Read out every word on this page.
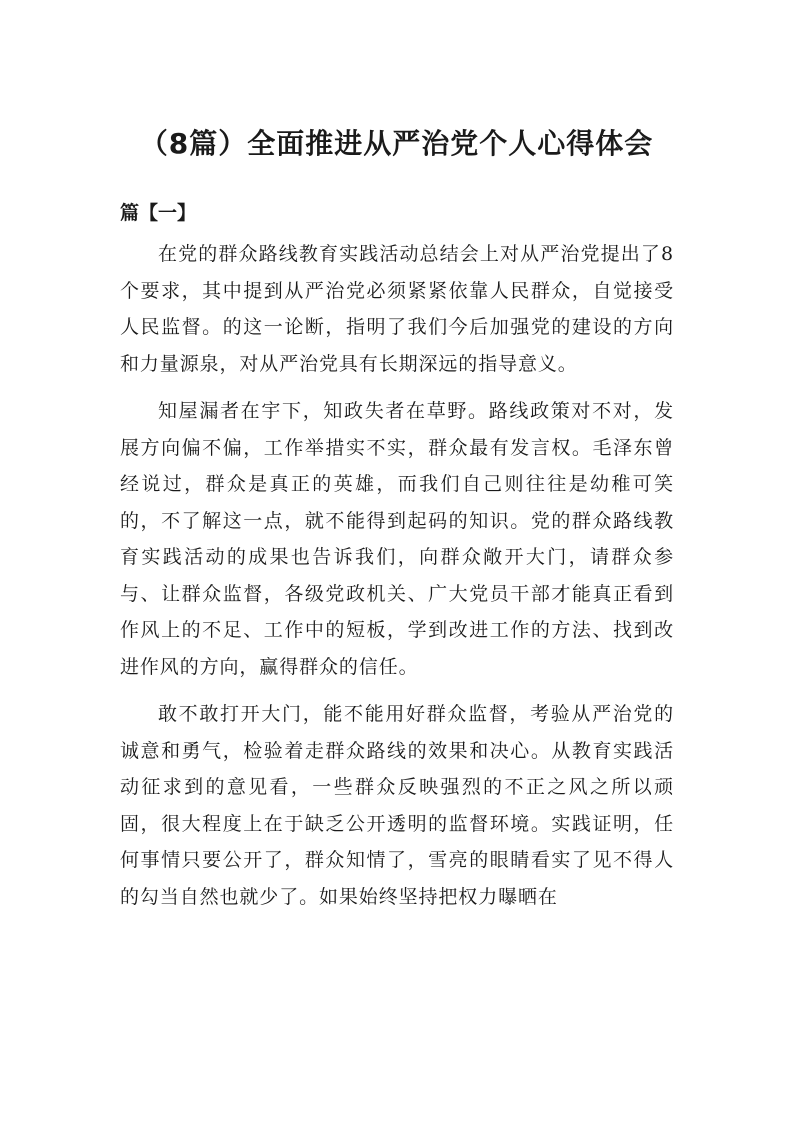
（8篇）全面推进从严治党个人心得体会
篇【一】

在党的群众路线教育实践活动总结会上对从严治党提出了8个要求，其中提到从严治党必须紧紧依靠人民群众，自觉接受人民监督。的这一论断，指明了我们今后加强党的建设的方向和力量源泉，对从严治党具有长期深远的指导意义。

知屋漏者在宇下，知政失者在草野。路线政策对不对，发展方向偏不偏，工作举措实不实，群众最有发言权。毛泽东曾经说过，群众是真正的英雄，而我们自己则往往是幼稚可笑的，不了解这一点，就不能得到起码的知识。党的群众路线教育实践活动的成果也告诉我们，向群众敞开大门，请群众参与、让群众监督，各级党政机关、广大党员干部才能真正看到作风上的不足、工作中的短板，学到改进工作的方法、找到改进作风的方向，赢得群众的信任。

敢不敢打开大门，能不能用好群众监督，考验从严治党的诚意和勇气，检验着走群众路线的效果和决心。从教育实践活动征求到的意见看，一些群众反映强烈的不正之风之所以顽固，很大程度上在于缺乏公开透明的监督环境。实践证明，任何事情只要公开了，群众知情了，雪亮的眼睛看实了见不得人的勾当自然也就少了。如果始终坚持把权力曝晒在
